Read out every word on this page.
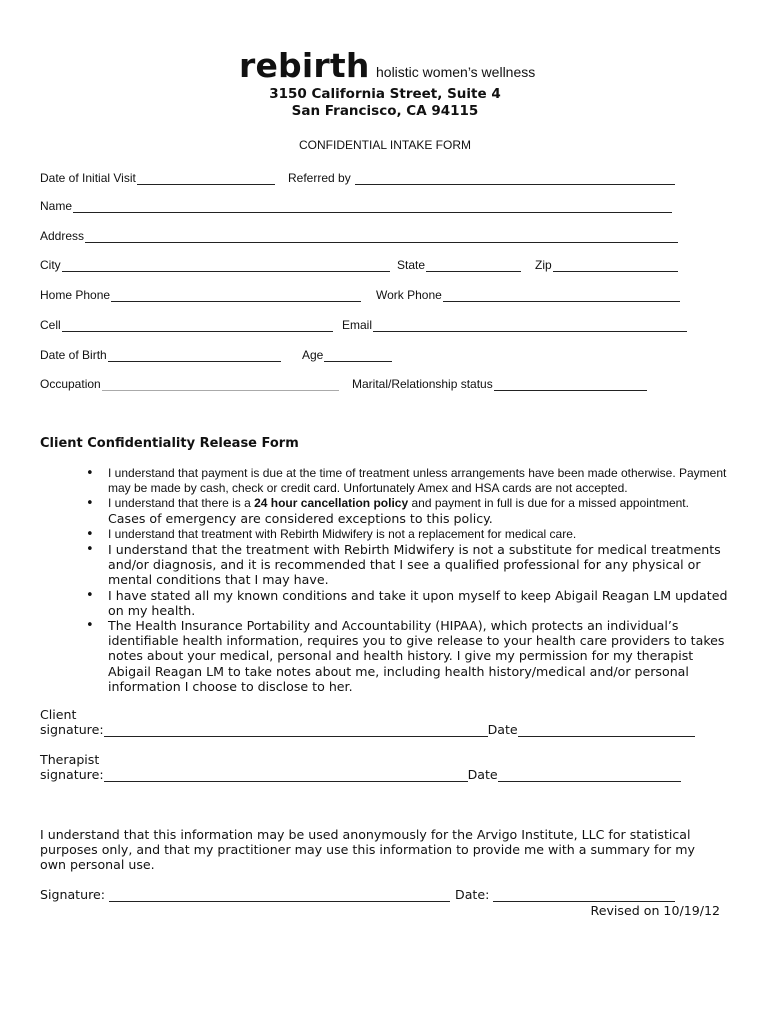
rebirth holistic women’s wellness
3150 California Street, Suite 4
San Francisco, CA 94115
CONFIDENTIAL INTAKE FORM
Date of Initial Visit	Referred by
Name
Address
City	State	Zip
Home Phone	Work Phone
Cell	Email
Date of Birth	Age
Occupation	Marital/Relationship status
Client Confidentiality Release Form
• I understand that payment is due at the time of treatment unless arrangements have been made otherwise. Payment may be made by cash, check or credit card. Unfortunately Amex and HSA cards are not accepted.
• I understand that there is a 24 hour cancellation policy and payment in full is due for a missed appointment.
Cases of emergency are considered exceptions to this policy.
• I understand that treatment with Rebirth Midwifery is not a replacement for medical care.
• I understand that the treatment with Rebirth Midwifery is not a substitute for medical treatments and/or diagnosis, and it is recommended that I see a qualified professional for any physical or mental conditions that I may have.
• I have stated all my known conditions and take it upon myself to keep Abigail Reagan LM updated on my health.
• The Health Insurance Portability and Accountability (HIPAA), which protects an individual’s identifiable health information, requires you to give release to your health care providers to takes notes about your medical, personal and health history. I give my permission for my therapist Abigail Reagan LM to take notes about me, including health history/medical and/or personal information I choose to disclose to her.
Client
signature:	Date
Therapist
signature:	Date
I understand that this information may be used anonymously for the Arvigo Institute, LLC for statistical purposes only, and that my practitioner may use this information to provide me with a summary for my own personal use.
Signature:	Date:
Revised on 10/19/12
